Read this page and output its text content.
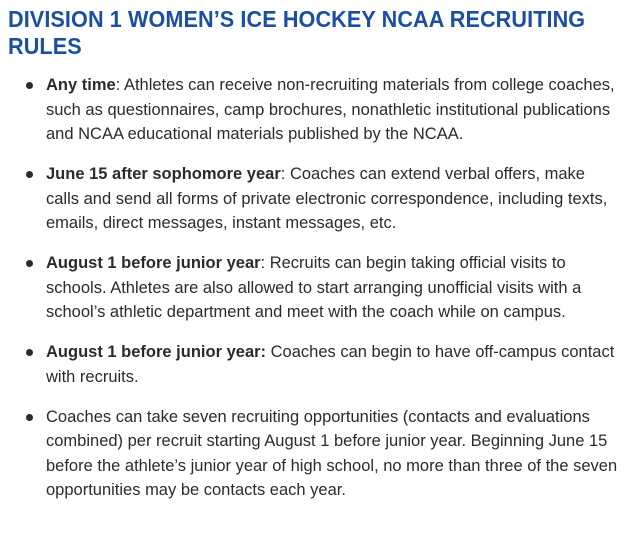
DIVISION 1 WOMEN’S ICE HOCKEY NCAA RECRUITING RULES
Any time: Athletes can receive non-recruiting materials from college coaches, such as questionnaires, camp brochures, nonathletic institutional publications and NCAA educational materials published by the NCAA.
June 15 after sophomore year: Coaches can extend verbal offers, make calls and send all forms of private electronic correspondence, including texts, emails, direct messages, instant messages, etc.
August 1 before junior year: Recruits can begin taking official visits to schools. Athletes are also allowed to start arranging unofficial visits with a school’s athletic department and meet with the coach while on campus.
August 1 before junior year: Coaches can begin to have off-campus contact with recruits.
Coaches can take seven recruiting opportunities (contacts and evaluations combined) per recruit starting August 1 before junior year. Beginning June 15 before the athlete’s junior year of high school, no more than three of the seven opportunities may be contacts each year.
